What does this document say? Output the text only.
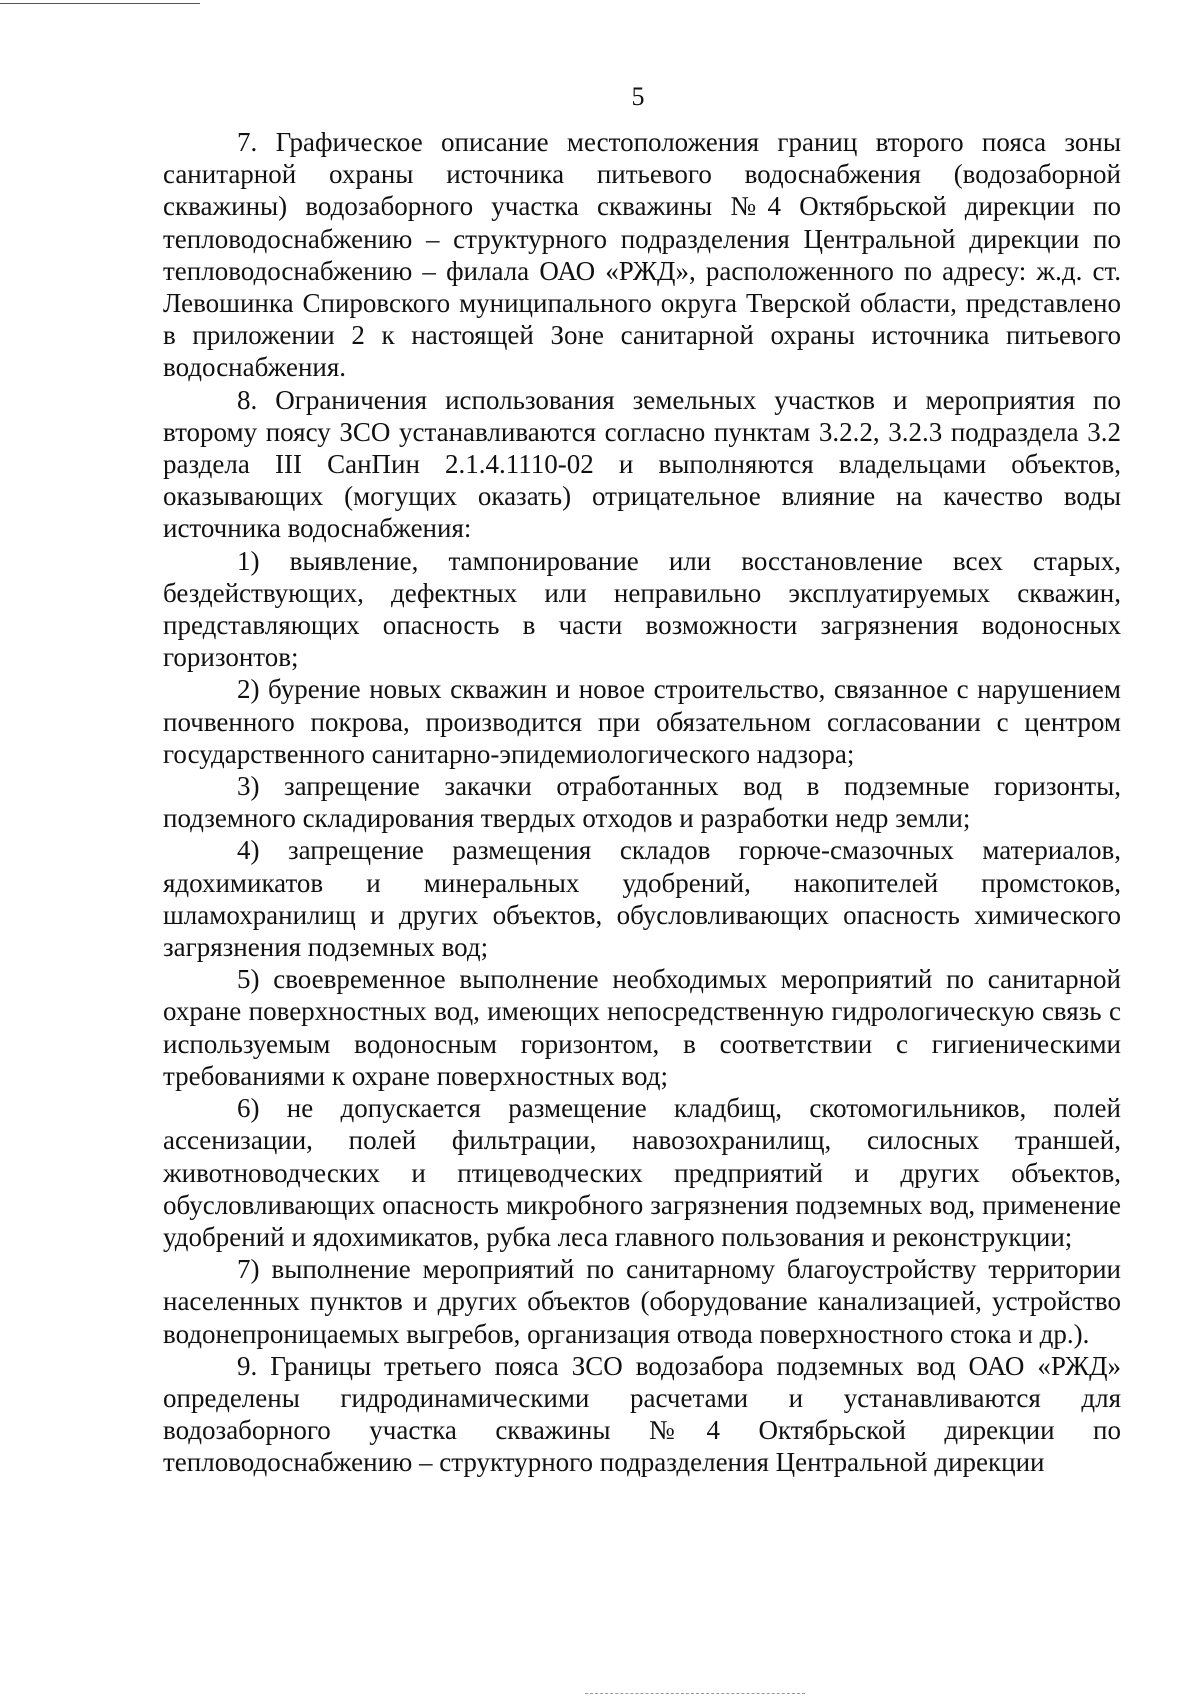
5

7. Графическое описание местоположения границ второго пояса зоны санитарной охраны источника питьевого водоснабжения (водозаборной скважины) водозаборного участка скважины №4 Октябрьской дирекции по тепловодоснабжению – структурного подразделения Центральной дирекции по тепловодоснабжению – филала ОАО «РЖД», расположенного по адресу: ж.д. ст. Левошинка Спировского муниципального округа Тверской области, представлено в приложении 2 к настоящей Зоне санитарной охраны источника питьевого водоснабжения.

8. Ограничения использования земельных участков и мероприятия по второму поясу ЗСО устанавливаются согласно пунктам 3.2.2, 3.2.3 подраздела 3.2 раздела III СанПин 2.1.4.1110-02 и выполняются владельцами объектов, оказывающих (могущих оказать) отрицательное влияние на качество воды источника водоснабжения:

1) выявление, тампонирование или восстановление всех старых, бездействующих, дефектных или неправильно эксплуатируемых скважин, представляющих опасность в части возможности загрязнения водоносных горизонтов;

2) бурение новых скважин и новое строительство, связанное с нарушением почвенного покрова, производится при обязательном согласовании с центром государственного санитарно-эпидемиологического надзора;

3) запрещение закачки отработанных вод в подземные горизонты, подземного складирования твердых отходов и разработки недр земли;

4) запрещение размещения складов горюче-смазочных материалов, ядохимикатов и минеральных удобрений, накопителей промстоков, шламохранилищ и других объектов, обусловливающих опасность химического загрязнения подземных вод;

5) своевременное выполнение необходимых мероприятий по санитарной охране поверхностных вод, имеющих непосредственную гидрологическую связь с используемым водоносным горизонтом, в соответствии с гигиеническими требованиями к охране поверхностных вод;

6) не допускается размещение кладбищ, скотомогильников, полей ассенизации, полей фильтрации, навозохранилищ, силосных траншей, животноводческих и птицеводческих предприятий и других объектов, обусловливающих опасность микробного загрязнения подземных вод, применение удобрений и ядохимикатов, рубка леса главного пользования и реконструкции;

7) выполнение мероприятий по санитарному благоустройству территории населенных пунктов и других объектов (оборудование канализацией, устройство водонепроницаемых выгребов, организация отвода поверхностного стока и др.).

9. Границы третьего пояса ЗСО водозабора подземных вод ОАО «РЖД» определены гидродинамическими расчетами и устанавливаются для водозаборного участка скважины №4 Октябрьской дирекции по тепловодоснабжению – структурного подразделения Центральной дирекции
